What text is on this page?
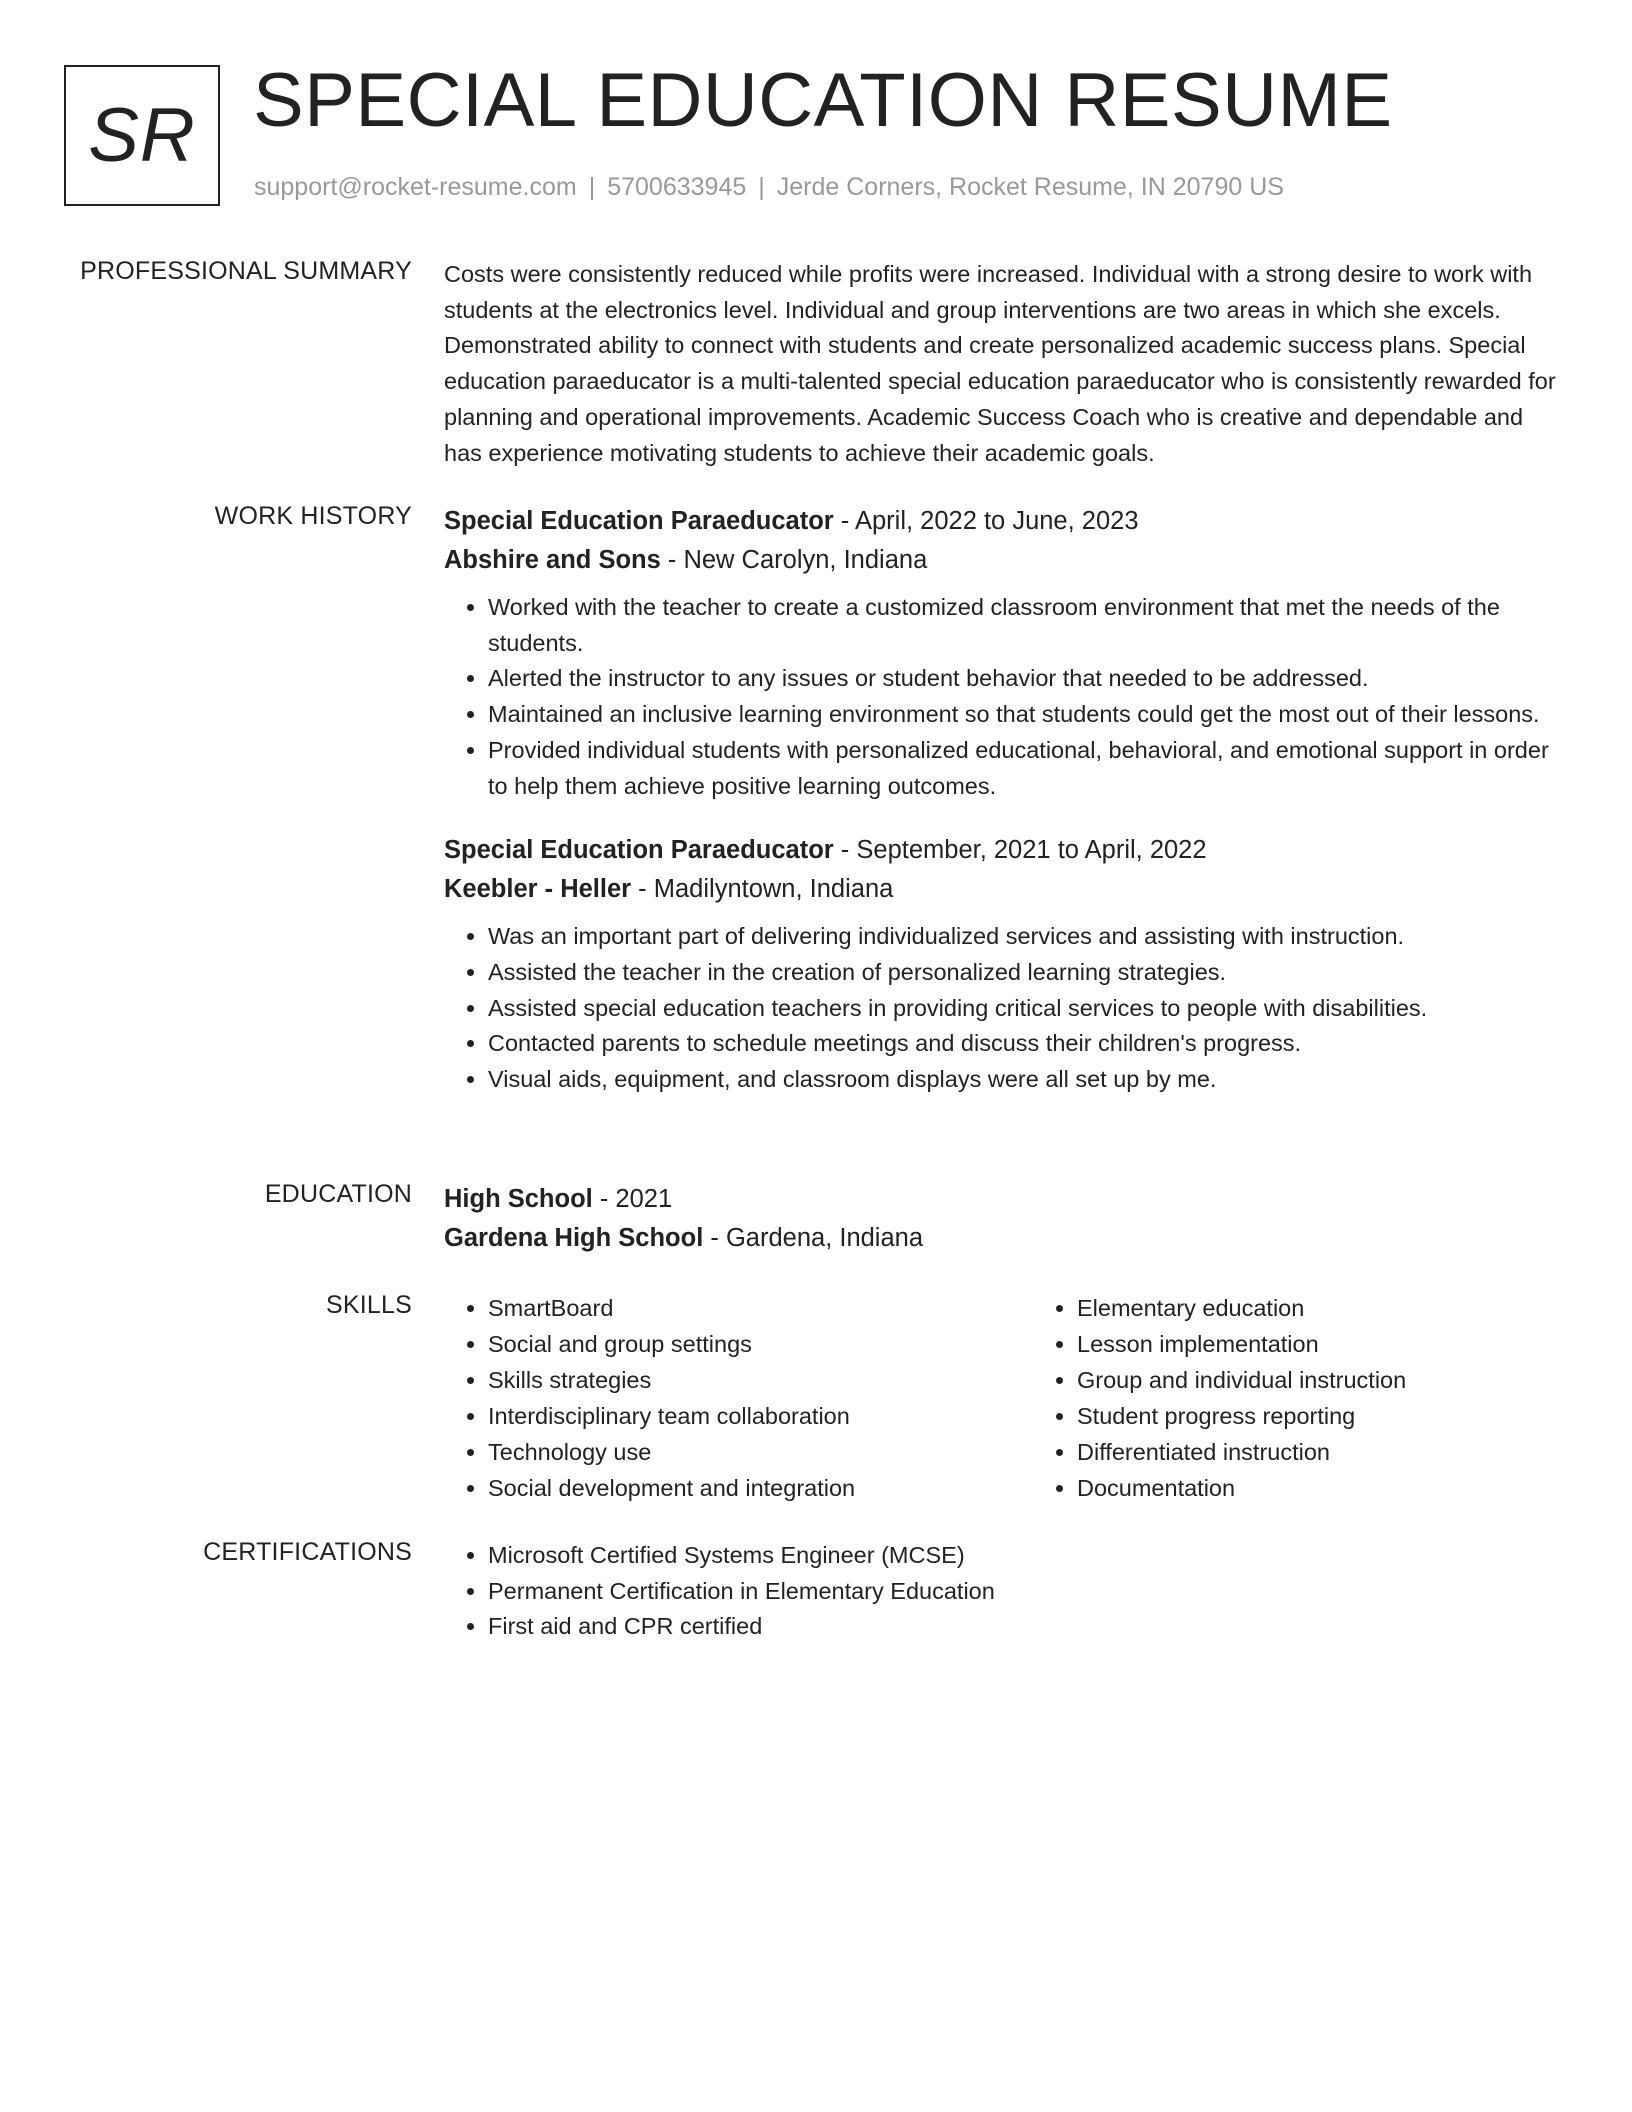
SR SPECIAL EDUCATION RESUME
support@rocket-resume.com | 5700633945 | Jerde Corners, Rocket Resume, IN 20790 US
PROFESSIONAL SUMMARY Costs were consistently reduced while profits were increased. Individual with a strong desire to work with students at the electronics level. Individual and group interventions are two areas in which she excels. Demonstrated ability to connect with students and create personalized academic success plans. Special education paraeducator is a multi-talented special education paraeducator who is consistently rewarded for planning and operational improvements. Academic Success Coach who is creative and dependable and has experience motivating students to achieve their academic goals.
WORK HISTORY Special Education Paraeducator - April, 2022 to June, 2023
Abshire and Sons - New Carolyn, Indiana
• Worked with the teacher to create a customized classroom environment that met the needs of the students.
• Alerted the instructor to any issues or student behavior that needed to be addressed.
• Maintained an inclusive learning environment so that students could get the most out of their lessons.
• Provided individual students with personalized educational, behavioral, and emotional support in order to help them achieve positive learning outcomes.
Special Education Paraeducator - September, 2021 to April, 2022
Keebler - Heller - Madilyntown, Indiana
• Was an important part of delivering individualized services and assisting with instruction.
• Assisted the teacher in the creation of personalized learning strategies.
• Assisted special education teachers in providing critical services to people with disabilities.
• Contacted parents to schedule meetings and discuss their children's progress.
• Visual aids, equipment, and classroom displays were all set up by me.
EDUCATION High School - 2021
Gardena High School - Gardena, Indiana
SKILLS	• SmartBoard
• Social and group settings
• Skills strategies
• Interdisciplinary team collaboration
• Technology use
• Social development and integration
• Elementary education
• Lesson implementation
• Group and individual instruction
• Student progress reporting
• Differentiated instruction
• Documentation
CERTIFICATIONS	• Microsoft Certified Systems Engineer (MCSE)
• Permanent Certification in Elementary Education
• First aid and CPR certified
